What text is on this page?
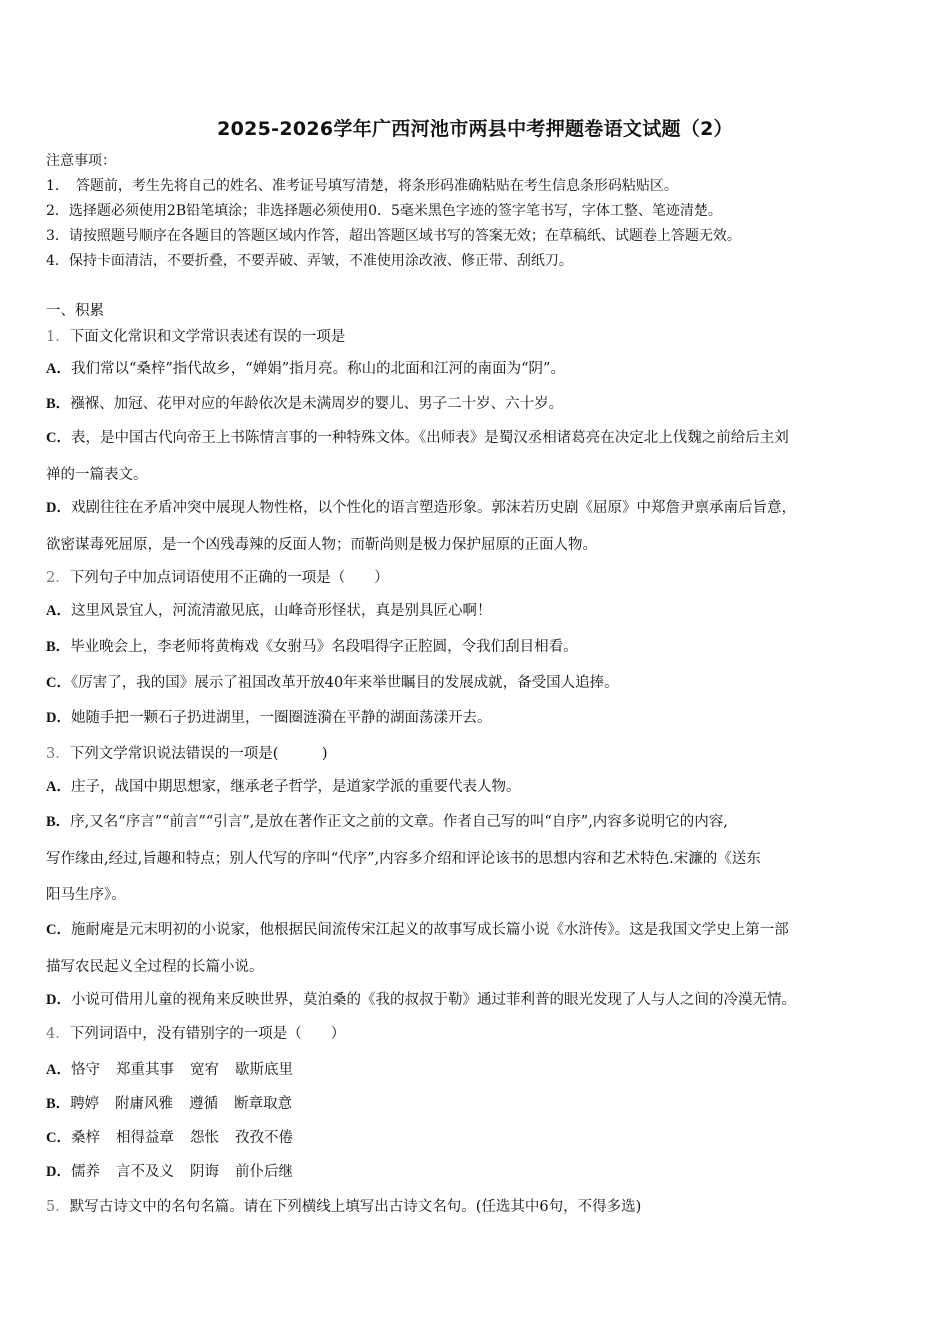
2025-2026学年广西河池市两县中考押题卷语文试题（2）
注意事项：
1．　答题前，考生先将自己的姓名、准考证号填写清楚，将条形码准确粘贴在考生信息条形码粘贴区。
2．选择题必须使用2B铅笔填涂；非选择题必须使用0．5毫米黑色字迹的签字笔书写，字体工整、笔迹清楚。
3．请按照题号顺序在各题目的答题区域内作答，超出答题区域书写的答案无效；在草稿纸、试题卷上答题无效。
4．保持卡面清洁，不要折叠，不要弄破、弄皱，不准使用涂改液、修正带、刮纸刀。
一、积累
1．下面文化常识和文学常识表述有误的一项是
A．我们常以“桑梓”指代故乡，“婵娟”指月亮。称山的北面和江河的南面为“阴”。
B．襁褓、加冠、花甲对应的年龄依次是未满周岁的婴儿、男子二十岁、六十岁。
C．表，是中国古代向帝王上书陈情言事的一种特殊文体。《出师表》是蜀汉丞相诸葛亮在决定北上伐魏之前给后主刘
禅的一篇表文。
D．戏剧往往在矛盾冲突中展现人物性格，以个性化的语言塑造形象。郭沫若历史剧《屈原》中郑詹尹禀承南后旨意，
欲密谋毒死屈原，是一个凶残毒辣的反面人物；而靳尚则是极力保护屈原的正面人物。
2．下列句子中加点词语使用不正确的一项是（　　）
A．这里风景宜人，河流清澈见底，山峰奇形怪状，真是别具匠心啊！
B．毕业晚会上，李老师将黄梅戏《女驸马》名段唱得字正腔圆，令我们刮目相看。
C．《厉害了，我的国》展示了祖国改革开放40年来举世瞩目的发展成就，备受国人追捧。
D．她随手把一颗石子扔进湖里，一圈圈涟漪在平静的湖面荡漾开去。
3．下列文学常识说法错误的一项是(　　　)
A．庄子，战国中期思想家，继承老子哲学，是道家学派的重要代表人物。
B．序,又名“序言”“前言”“引言”,是放在著作正文之前的文章。作者自己写的叫“自序”,内容多说明它的内容,
写作缘由,经过,旨趣和特点；别人代写的序叫“代序”,内容多介绍和评论该书的思想内容和艺术特色.宋濂的《送东
阳马生序》。
C．施耐庵是元末明初的小说家，他根据民间流传宋江起义的故事写成长篇小说《水浒传》。这是我国文学史上第一部
描写农民起义全过程的长篇小说。
D．小说可借用儿童的视角来反映世界，莫泊桑的《我的叔叔于勒》通过菲利普的眼光发现了人与人之间的冷漠无情。
4．下列词语中，没有错别字的一项是（　　）
A．恪守 郑重其事 宽宥 歇斯底里
B．聘婷 附庸风雅 遵循 断章取意
C．桑梓 相得益章 怨怅 孜孜不倦
D．儒养 言不及义 阴诲 前仆后继
5．默写古诗文中的名句名篇。请在下列横线上填写出古诗文名句。(任选其中6句，不得多选)
